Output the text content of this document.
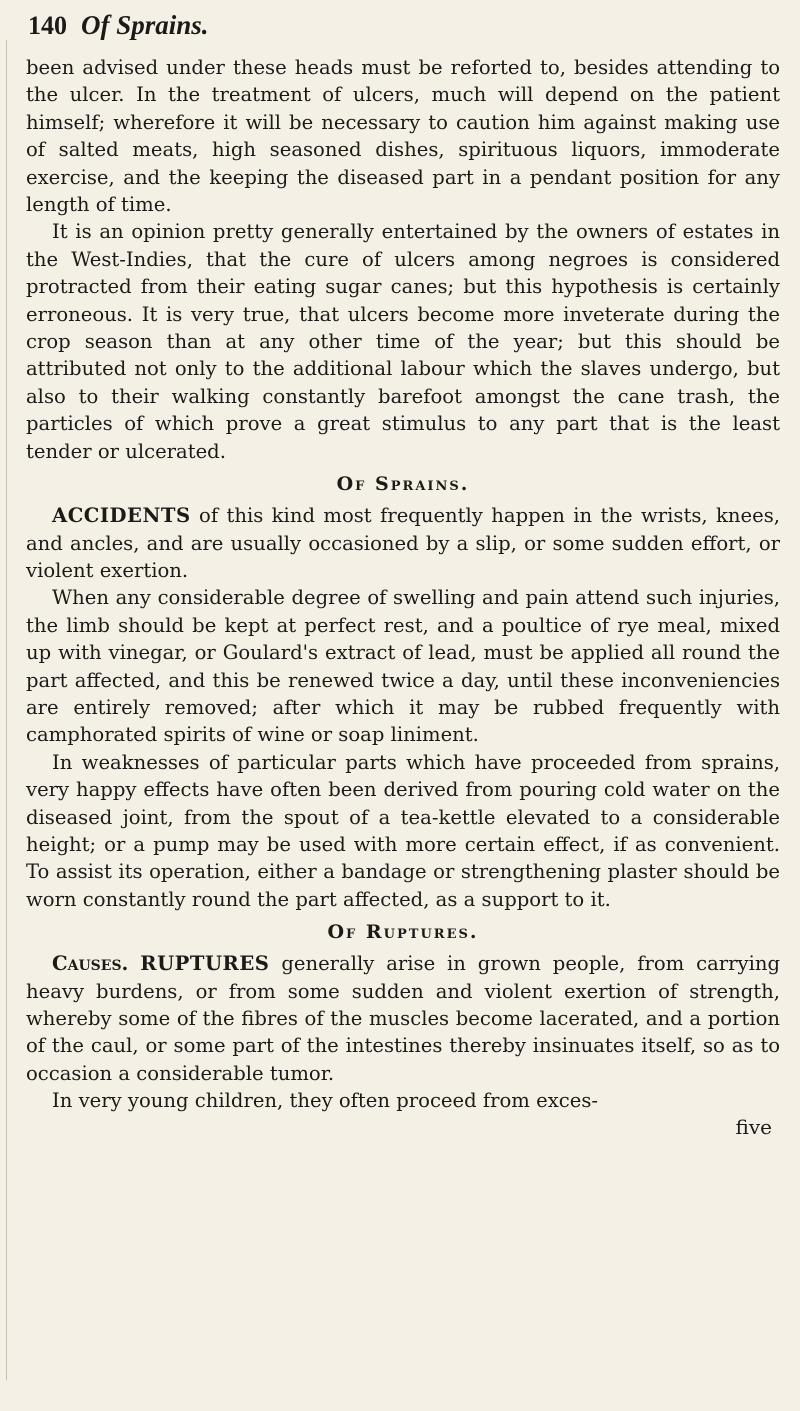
140 Of Sprains.

been advised under these heads must be reforted to, besides attending to the ulcer. In the treatment of ulcers, much will depend on the patient himself; wherefore it will be necessary to caution him against making use of salted meats, high seasoned dishes, spirituous liquors, immoderate exercise, and the keeping the diseased part in a pendant position for any length of time.

It is an opinion pretty generally entertained by the owners of estates in the West-Indies, that the cure of ulcers among negroes is considered protracted from their eating sugar canes; but this hypothesis is certainly erroneous. It is very true, that ulcers become more inveterate during the crop season than at any other time of the year; but this should be attributed not only to the additional labour which the slaves undergo, but also to their walking constantly barefoot amongst the cane trash, the particles of which prove a great stimulus to any part that is the least tender or ulcerated.

Of Sprains.

ACCIDENTS of this kind most frequently happen in the wrists, knees, and ancles, and are usually occasioned by a slip, or some sudden effort, or violent exertion.

When any considerable degree of swelling and pain attend such injuries, the limb should be kept at perfect rest, and a poultice of rye meal, mixed up with vinegar, or Goulard's extract of lead, must be applied all round the part affected, and this be renewed twice a day, until these inconveniencies are entirely removed; after which it may be rubbed frequently with camphorated spirits of wine or soap liniment.

In weaknesses of particular parts which have proceeded from sprains, very happy effects have often been derived from pouring cold water on the diseased joint, from the spout of a tea-kettle elevated to a considerable height; or a pump may be used with more certain effect, if as convenient. To assist its operation, either a bandage or strengthening plaster should be worn constantly round the part affected, as a support to it.

Of Ruptures.

Causes. RUPTURES generally arise in grown people, from carrying heavy burdens, or from some sudden and violent exertion of strength, whereby some of the fibres of the muscles become lacerated, and a portion of the caul, or some part of the intestines thereby insinuates itself, so as to occasion a considerable tumor.

In very young children, they often proceed from exces-

five
